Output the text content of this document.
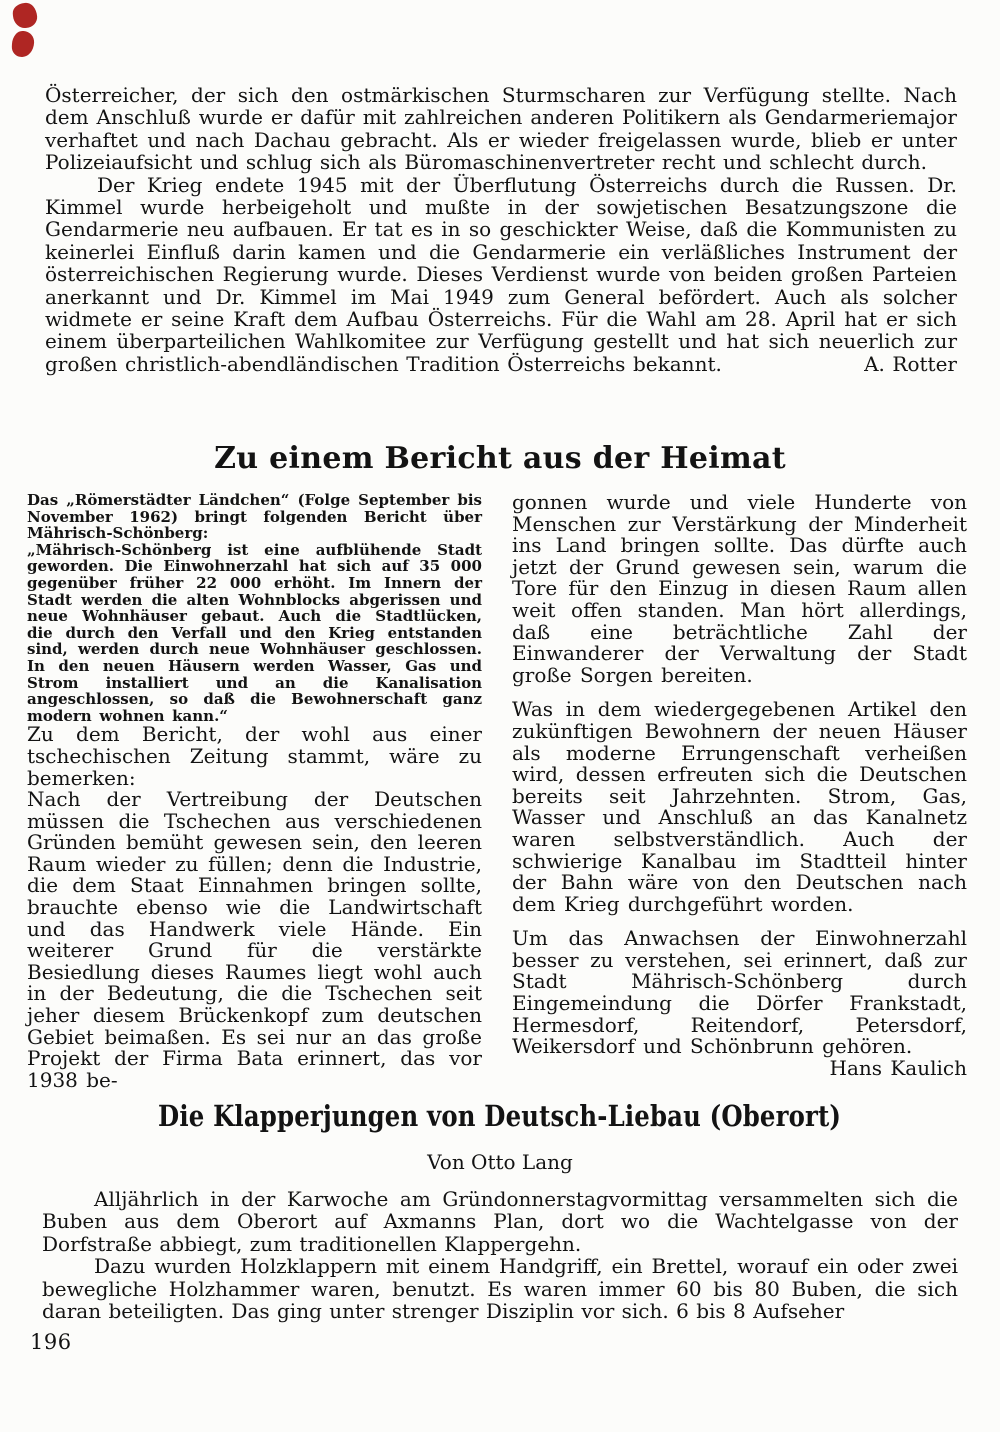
Österreicher, der sich den ostmärkischen Sturmscharen zur Verfügung stellte. Nach dem Anschluß wurde er dafür mit zahlreichen anderen Politikern als Gendarmeriemajor verhaftet und nach Dachau gebracht. Als er wieder freigelassen wurde, blieb er unter Polizeiaufsicht und schlug sich als Büromaschinenvertreter recht und schlecht durch.

Der Krieg endete 1945 mit der Überflutung Österreichs durch die Russen. Dr. Kimmel wurde herbeigeholt und mußte in der sowjetischen Besatzungszone die Gendarmerie neu aufbauen. Er tat es in so geschickter Weise, daß die Kommunisten zu keinerlei Einfluß darin kamen und die Gendarmerie ein verläßliches Instrument der österreichischen Regierung wurde. Dieses Verdienst wurde von beiden großen Parteien anerkannt und Dr. Kimmel im Mai 1949 zum General befördert. Auch als solcher widmete er seine Kraft dem Aufbau Österreichs. Für die Wahl am 28. April hat er sich einem überparteilichen Wahlkomitee zur Verfügung gestellt und hat sich neuerlich zur großen christlich-abendländischen Tradition Österreichs bekannt.	A. Rotter

Zu einem Bericht aus der Heimat

Das „Römerstädter Ländchen“ (Folge September bis November 1962) bringt folgenden Bericht über Mährisch-Schönberg:

„Mährisch-Schönberg ist eine aufblühende Stadt geworden. Die Einwohnerzahl hat sich auf 35 000 gegenüber früher 22 000 erhöht. Im Innern der Stadt werden die alten Wohnblocks abgerissen und neue Wohnhäuser gebaut. Auch die Stadtlücken, die durch den Verfall und den Krieg entstanden sind, werden durch neue Wohnhäuser geschlossen. In den neuen Häusern werden Wasser, Gas und Strom installiert und an die Kanalisation angeschlossen, so daß die Bewohnerschaft ganz modern wohnen kann.“

Zu dem Bericht, der wohl aus einer tschechischen Zeitung stammt, wäre zu bemerken:

Nach der Vertreibung der Deutschen müssen die Tschechen aus verschiedenen Gründen bemüht gewesen sein, den leeren Raum wieder zu füllen; denn die Industrie, die dem Staat Einnahmen bringen sollte, brauchte ebenso wie die Landwirtschaft und das Handwerk viele Hände. Ein weiterer Grund für die verstärkte Besiedlung dieses Raumes liegt wohl auch in der Bedeutung, die die Tschechen seit jeher diesem Brückenkopf zum deutschen Gebiet beimaßen. Es sei nur an das große Projekt der Firma Bata erinnert, das vor 1938 be-

gonnen wurde und viele Hunderte von Menschen zur Verstärkung der Minderheit ins Land bringen sollte. Das dürfte auch jetzt der Grund gewesen sein, warum die Tore für den Einzug in diesen Raum allen weit offen standen. Man hört allerdings, daß eine beträchtliche Zahl der Einwanderer der Verwaltung der Stadt große Sorgen bereiten.

Was in dem wiedergegebenen Artikel den zukünftigen Bewohnern der neuen Häuser als moderne Errungenschaft verheißen wird, dessen erfreuten sich die Deutschen bereits seit Jahrzehnten. Strom, Gas, Wasser und Anschluß an das Kanalnetz waren selbstverständlich. Auch der schwierige Kanalbau im Stadtteil hinter der Bahn wäre von den Deutschen nach dem Krieg durchgeführt worden.

Um das Anwachsen der Einwohnerzahl besser zu verstehen, sei erinnert, daß zur Stadt Mährisch-Schönberg durch Eingemeindung die Dörfer Frankstadt, Hermesdorf, Reitendorf, Petersdorf, Weikersdorf und Schönbrunn gehören.
Hans Kaulich

Die Klapperjungen von Deutsch-Liebau (Oberort)
Von Otto Lang

Alljährlich in der Karwoche am Gründonnerstagvormittag versammelten sich die Buben aus dem Oberort auf Axmanns Plan, dort wo die Wachtelgasse von der Dorfstraße abbiegt, zum traditionellen Klappergehn.

Dazu wurden Holzklappern mit einem Handgriff, ein Brettel, worauf ein oder zwei bewegliche Holzhammer waren, benutzt. Es waren immer 60 bis 80 Buben, die sich daran beteiligten. Das ging unter strenger Disziplin vor sich. 6 bis 8 Aufseher

196
